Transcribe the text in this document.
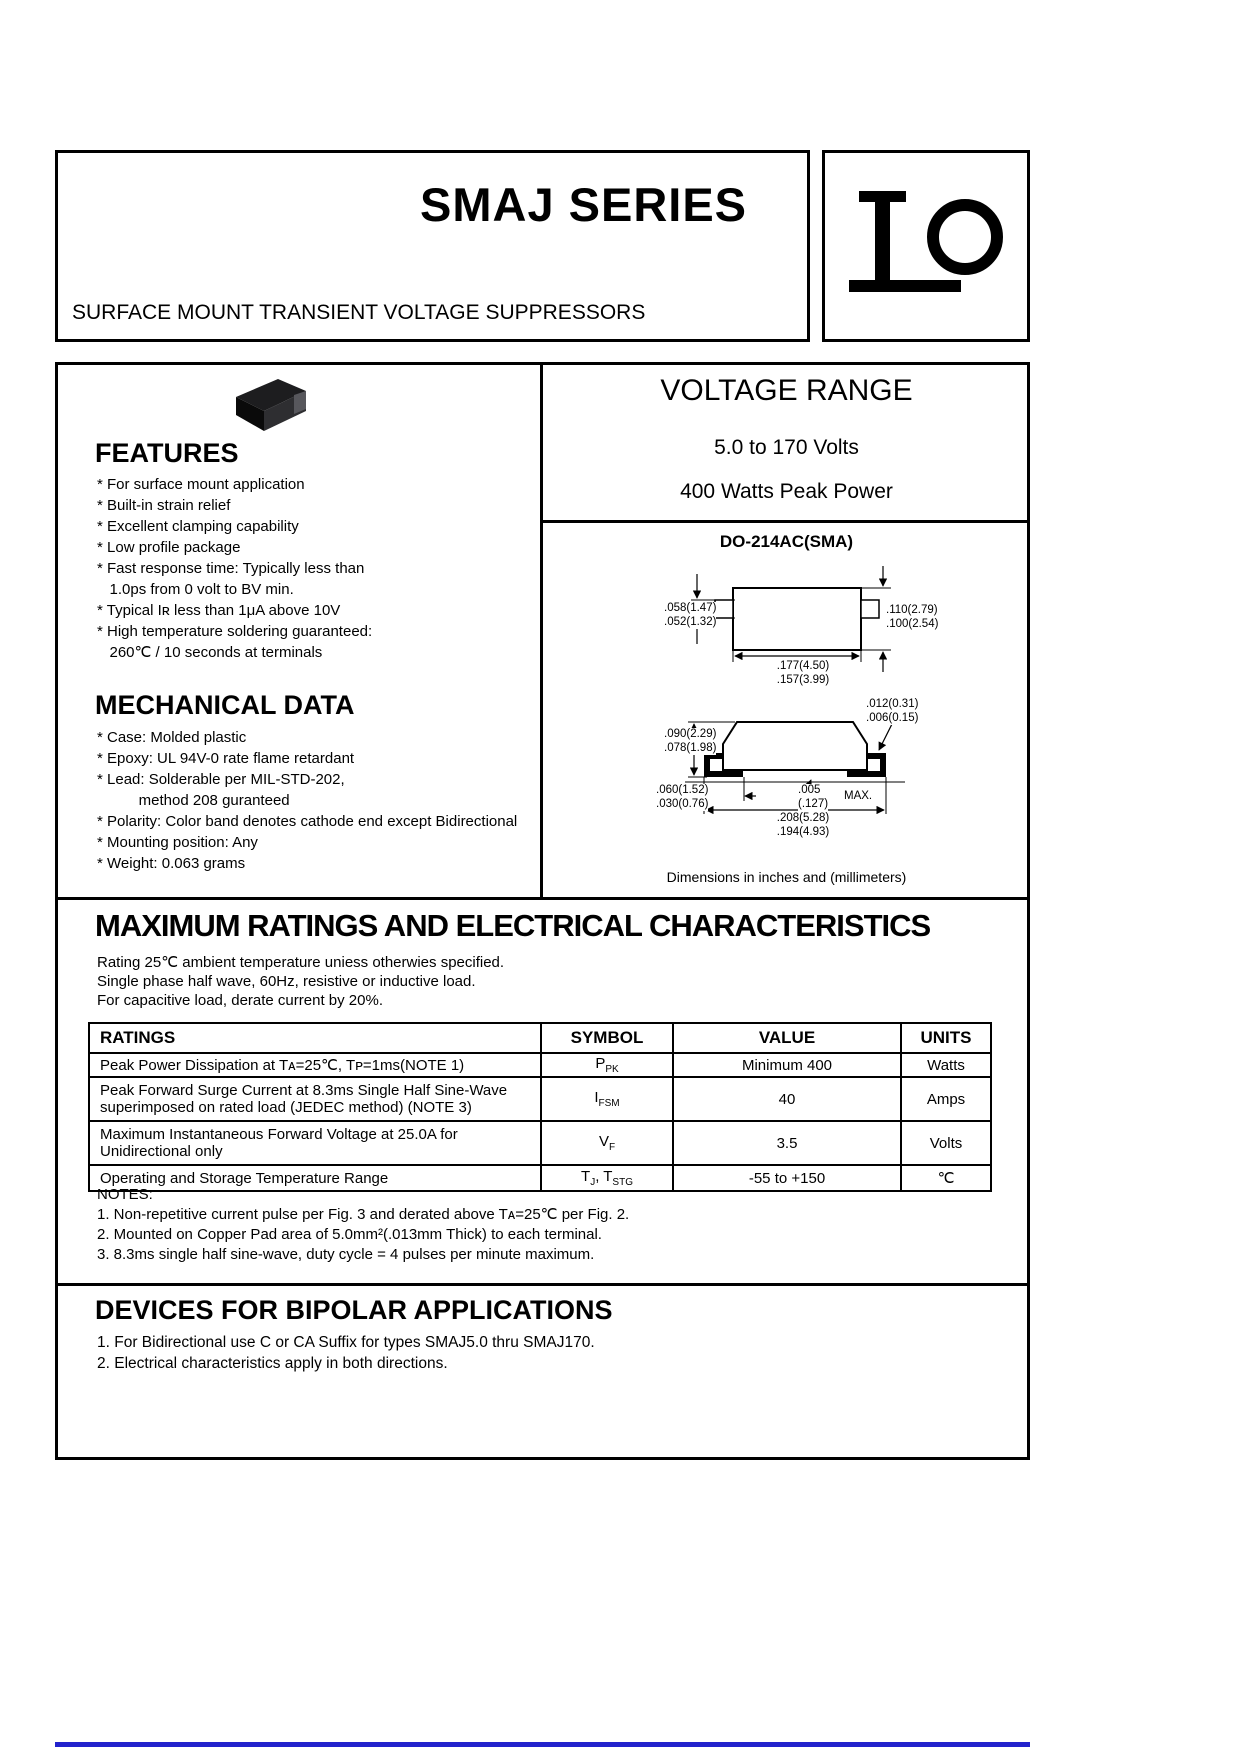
SMAJ SERIES
SURFACE MOUNT TRANSIENT VOLTAGE SUPPRESSORS
FEATURES
* For surface mount application
* Built-in strain relief
* Excellent clamping capability
* Low profile package
* Fast response time: Typically less than
1.0ps from 0 volt to BV min.
* Typical Iʀ less than 1μA above 10V
* High temperature soldering guaranteed:
260℃ / 10 seconds at terminals
MECHANICAL DATA
* Case: Molded plastic
* Epoxy: UL 94V-0 rate flame retardant
* Lead: Solderable per MIL-STD-202,
method 208 guranteed
* Polarity: Color band denotes cathode end except Bidirectional
* Mounting position: Any
* Weight: 0.063 grams
VOLTAGE RANGE
5.0 to 170 Volts
400 Watts Peak Power
DO-214AC(SMA)
.058(1.47)
.052(1.32)
.110(2.79)
.100(2.54)
.177(4.50)
.157(3.99)
.012(0.31)
.006(0.15)
.090(2.29)
.078(1.98)
.060(1.52)
.030(0.76)
.005
(.127)
MAX.
.208(5.28)
.194(4.93)
Dimensions in inches and (millimeters)
MAXIMUM RATINGS AND ELECTRICAL CHARACTERISTICS
Rating 25℃ ambient temperature uniess otherwies specified.
Single phase half wave, 60Hz, resistive or inductive load.
For capacitive load, derate current by 20%.
RATINGS	SYMBOL	VALUE	UNITS
Peak Power Dissipation at Tᴀ=25℃, Tᴘ=1ms(NOTE 1)	$P_{PK}$	Minimum 400	Watts
Peak Forward Surge Current at 8.3ms Single Half Sine-Wave superimposed on rated load (JEDEC method) (NOTE 3)	$I_{FSM}$	40	Amps
Maximum Instantaneous Forward Voltage at 25.0A for Unidirectional only	$V_F$	3.5	Volts
Operating and Storage Temperature Range	$T_J$, $T_{STG}$	-55 to +150	℃
NOTES:
1. Non-repetitive current pulse per Fig. 3 and derated above Tᴀ=25℃ per Fig. 2.
2. Mounted on Copper Pad area of 5.0mm²(.013mm Thick) to each terminal.
3. 8.3ms single half sine-wave, duty cycle = 4 pulses per minute maximum.
DEVICES FOR BIPOLAR APPLICATIONS
1. For Bidirectional use C or CA Suffix for types SMAJ5.0 thru SMAJ170.
2. Electrical characteristics apply in both directions.
